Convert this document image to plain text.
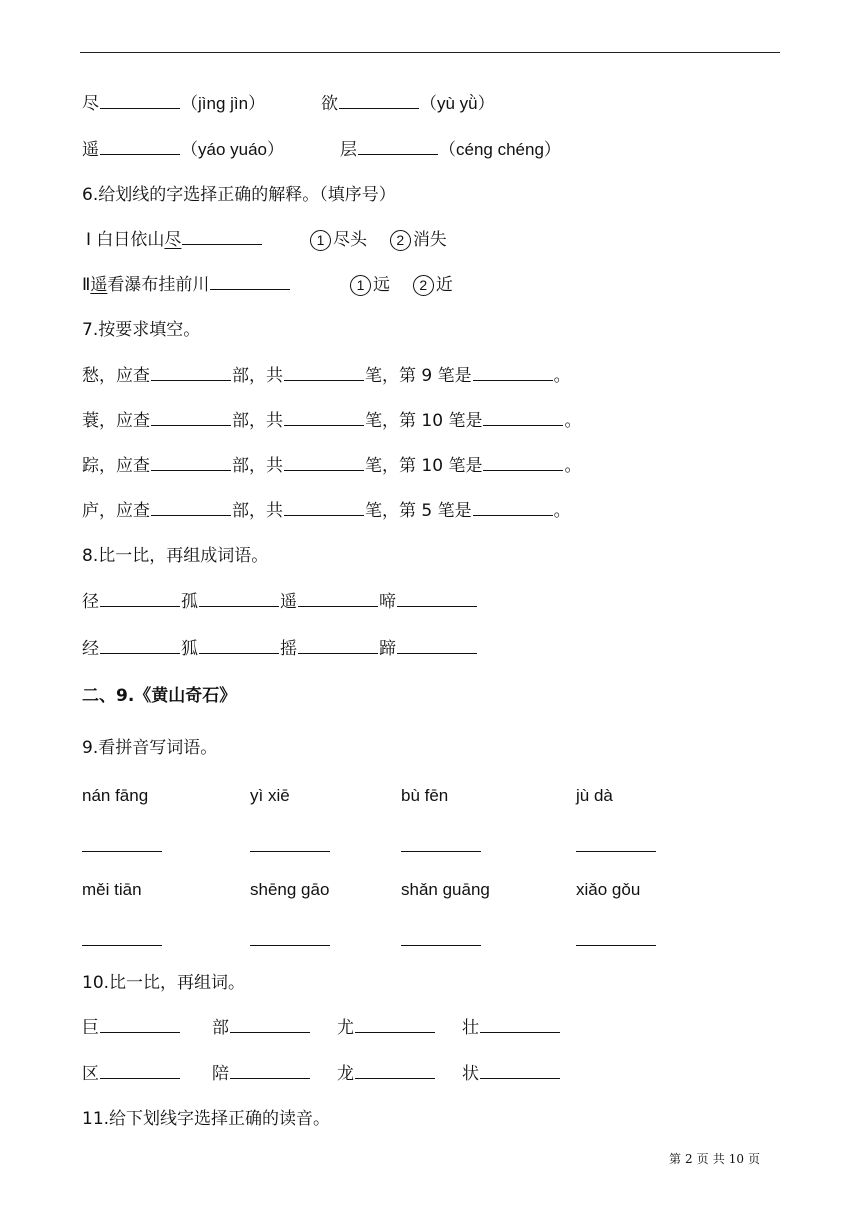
尽	（jìng jìn）	欲	（yù yǜ）
遥	（yáo yuáo）	层	（céng chéng）
6.给划线的字选择正确的解释。（填序号）
Ⅰ 白日依山尽	1 尽头 2 消失
Ⅱ遥看瀑布挂前川	1 远 2 近
7.按要求填空。
愁，应查	部，共	笔，第 9 笔是	。
蓑，应查	部，共	笔，第 10 笔是	。
踪，应查	部，共	笔，第 10 笔是	。
庐，应查	部，共	笔，第 5 笔是	。
8.比一比，再组成词语。
径	孤	遥	啼
经	狐	摇	蹄
二、9.《黄山奇石》
9.看拼音写词语。
nán fāng	yì xiē	bù fēn	jù dà
měi tiān	shēng gāo	shǎn guāng	xiǎo gǒu
10.比一比，再组词。
巨	部	尤	壮
区	陪	龙	状
11.给下划线字选择正确的读音。
第 2 页 共 10 页
